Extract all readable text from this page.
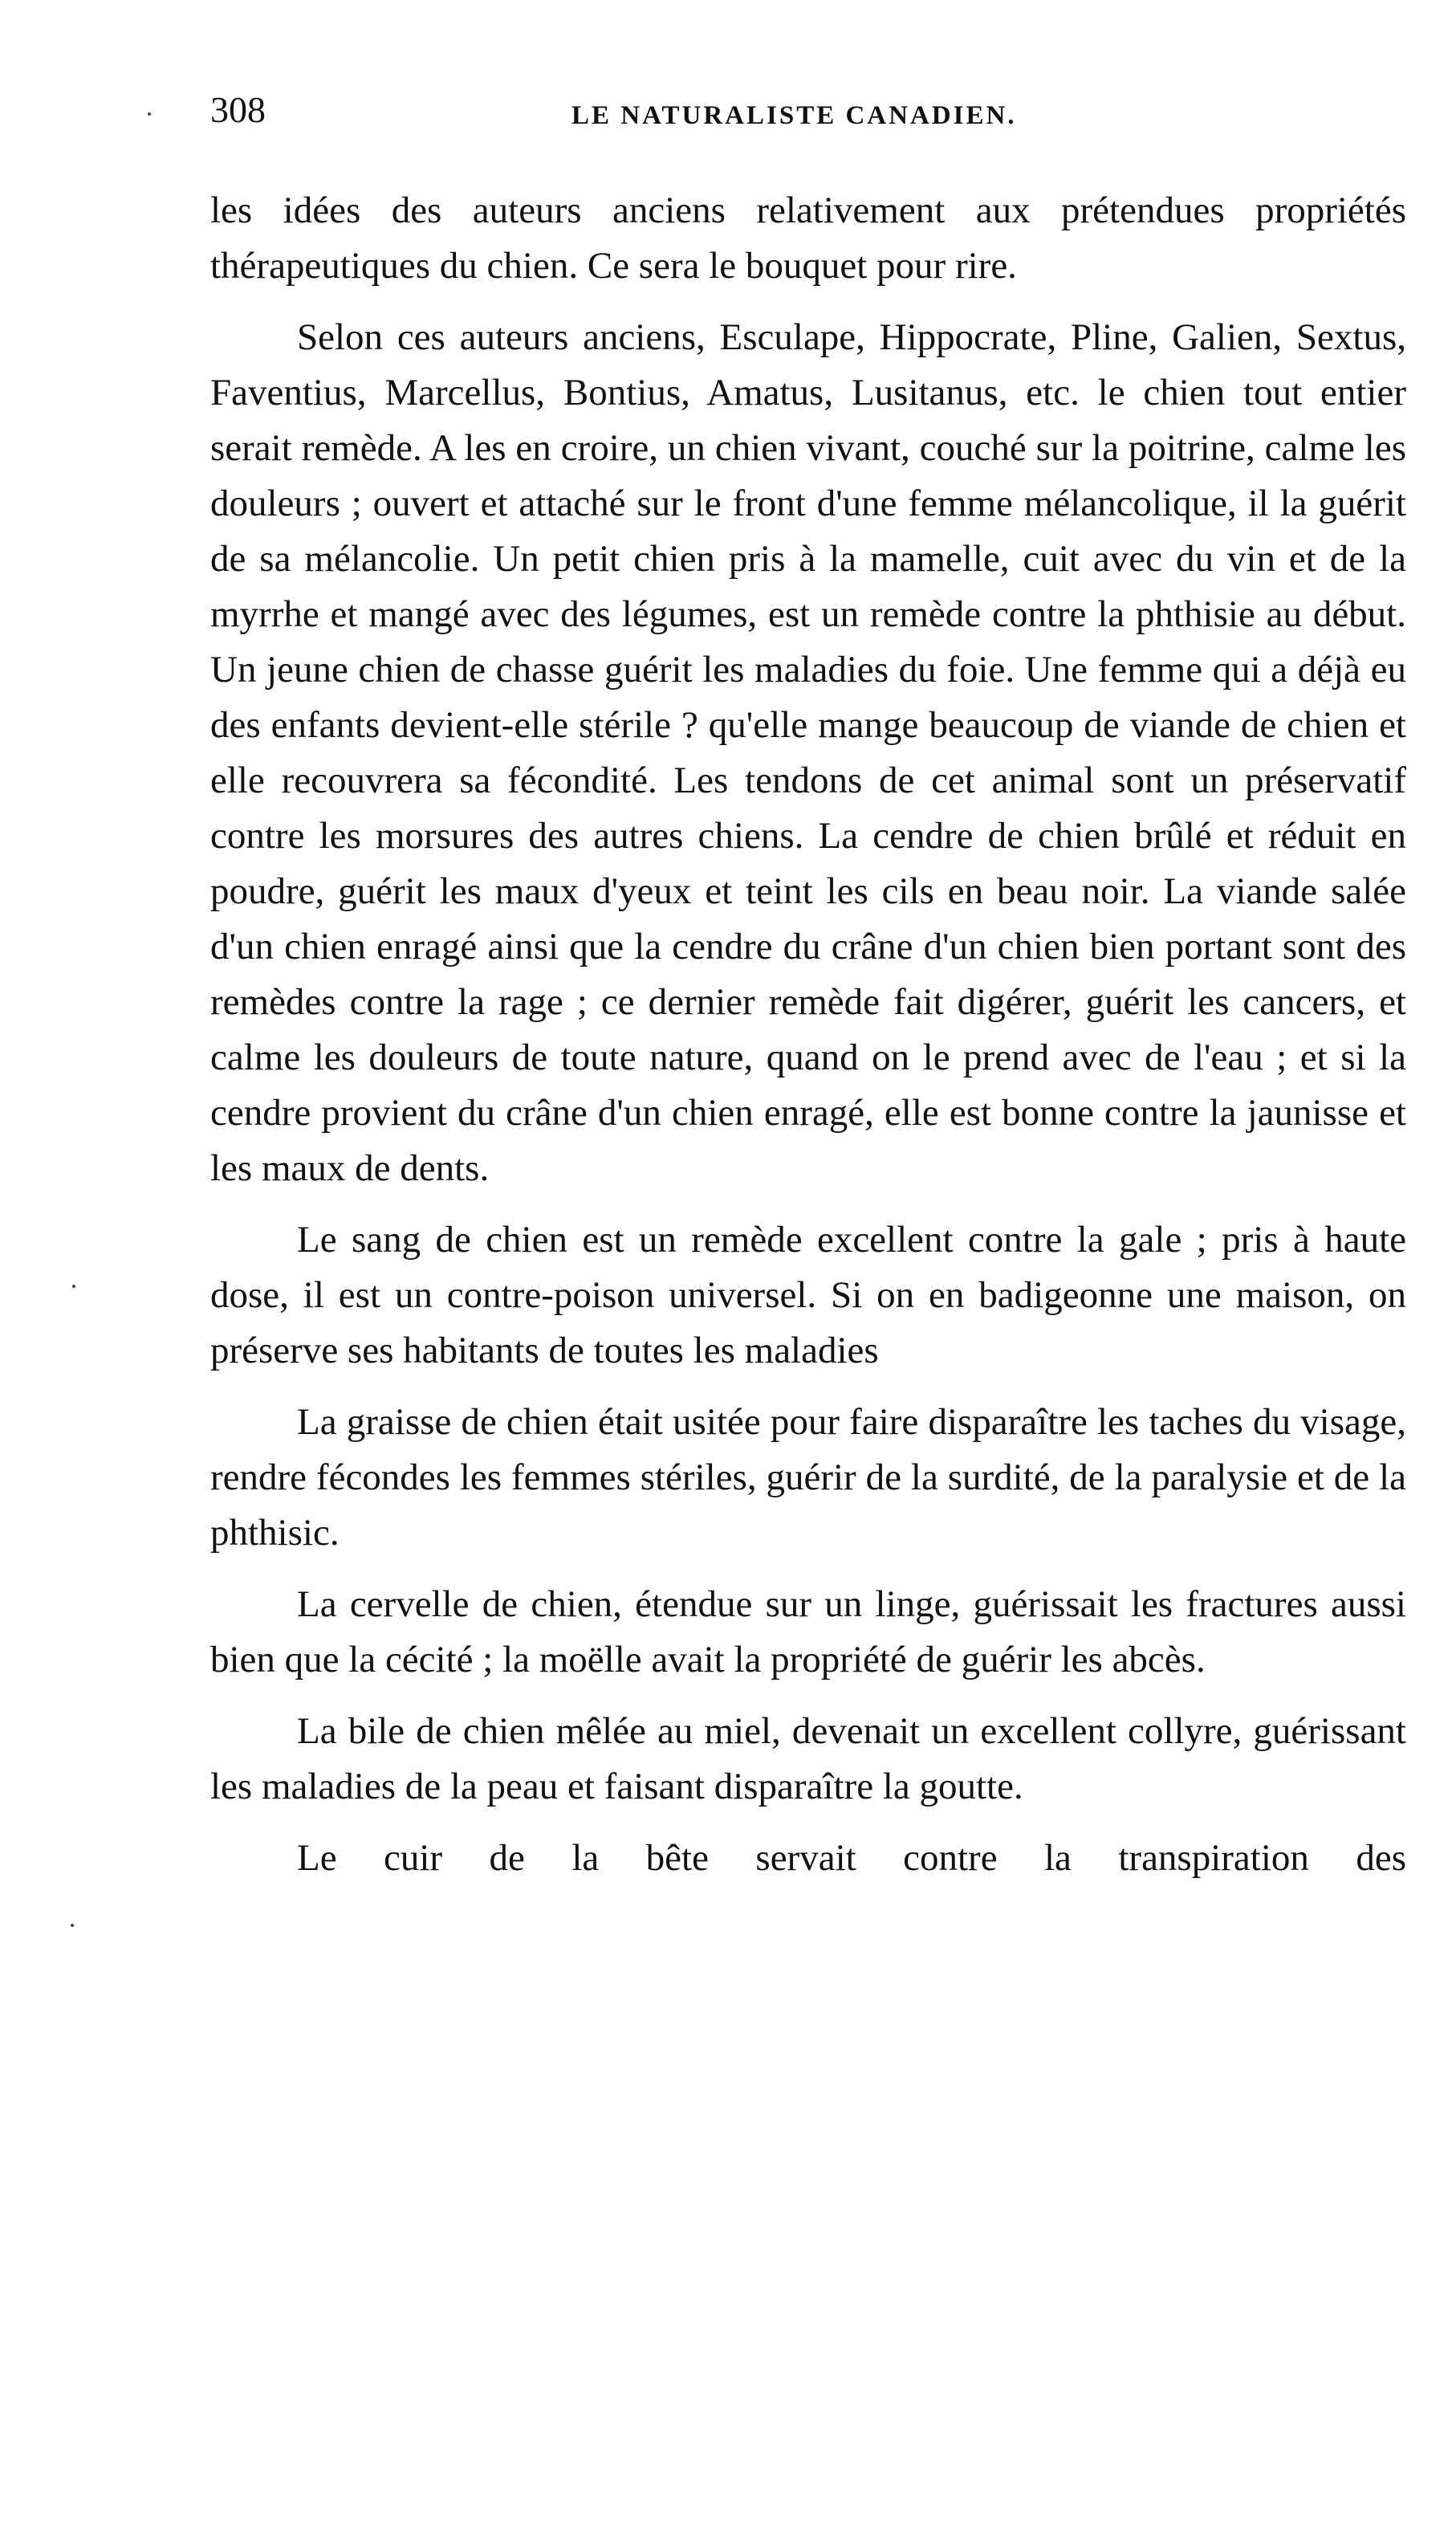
308	LE NATURALISTE CANADIEN.

les idées des auteurs anciens relativement aux prétendues propriétés thérapeutiques du chien. Ce sera le bouquet pour rire.

Selon ces auteurs anciens, Esculape, Hippocrate, Pline, Galien, Sextus, Faventius, Marcellus, Bontius, Amatus, Lusitanus, etc. le chien tout entier serait remède. A les en croire, un chien vivant, couché sur la poitrine, calme les douleurs ; ouvert et attaché sur le front d'une femme mélancolique, il la guérit de sa mélancolie. Un petit chien pris à la mamelle, cuit avec du vin et de la myrrhe et mangé avec des légumes, est un remède contre la phthisie au début. Un jeune chien de chasse guérit les maladies du foie. Une femme qui a déjà eu des enfants devient-elle stérile ? qu'elle mange beaucoup de viande de chien et elle recouvrera sa fécondité. Les tendons de cet animal sont un préservatif contre les morsures des autres chiens. La cendre de chien brûlé et réduit en poudre, guérit les maux d'yeux et teint les cils en beau noir. La viande salée d'un chien enragé ainsi que la cendre du crâne d'un chien bien portant sont des remèdes contre la rage ; ce dernier remède fait digérer, guérit les cancers, et calme les douleurs de toute nature, quand on le prend avec de l'eau ; et si la cendre provient du crâne d'un chien enragé, elle est bonne contre la jaunisse et les maux de dents.

Le sang de chien est un remède excellent contre la gale ; pris à haute dose, il est un contre-poison universel. Si on en badigeonne une maison, on préserve ses habitants de toutes les maladies

La graisse de chien était usitée pour faire disparaître les taches du visage, rendre fécondes les femmes stériles, guérir de la surdité, de la paralysie et de la phthisic.

La cervelle de chien, étendue sur un linge, guérissait les fractures aussi bien que la cécité ; la moëlle avait la propriété de guérir les abcès.

La bile de chien mêlée au miel, devenait un excellent collyre, guérissant les maladies de la peau et faisant disparaître la goutte.

Le cuir de la bête servait contre la transpiration des
